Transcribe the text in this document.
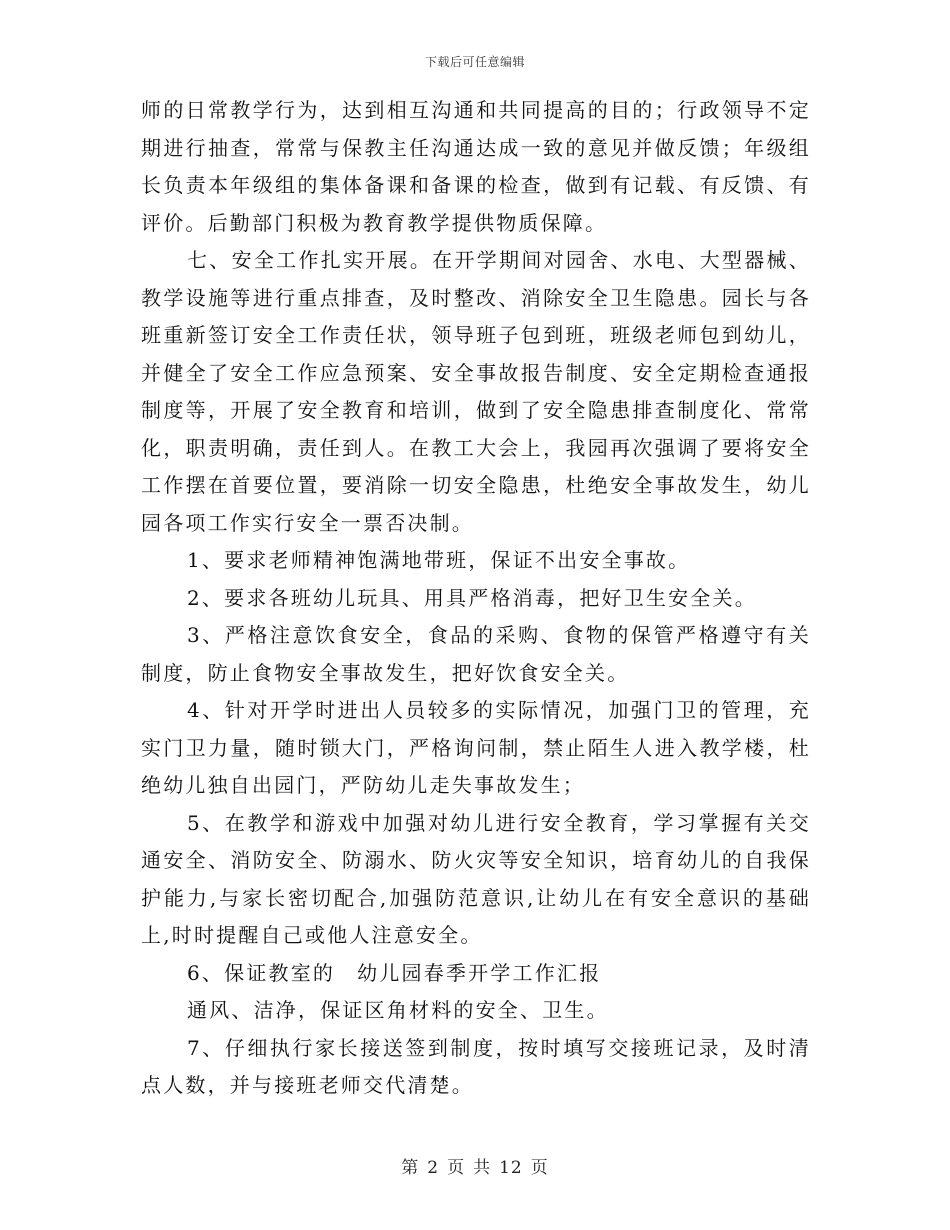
下载后可任意编辑

师的日常教学行为，达到相互沟通和共同提高的目的；行政领导不定期进行抽查，常常与保教主任沟通达成一致的意见并做反馈；年级组长负责本年级组的集体备课和备课的检查，做到有记载、有反馈、有评价。后勤部门积极为教育教学提供物质保障。

七、安全工作扎实开展。在开学期间对园舍、水电、大型器械、教学设施等进行重点排查，及时整改、消除安全卫生隐患。园长与各班重新签订安全工作责任状，领导班子包到班，班级老师包到幼儿，并健全了安全工作应急预案、安全事故报告制度、安全定期检查通报制度等，开展了安全教育和培训，做到了安全隐患排查制度化、常常化，职责明确，责任到人。在教工大会上，我园再次强调了要将安全工作摆在首要位置，要消除一切安全隐患，杜绝安全事故发生，幼儿园各项工作实行安全一票否决制。

1、要求老师精神饱满地带班，保证不出安全事故。

2、要求各班幼儿玩具、用具严格消毒，把好卫生安全关。

3、严格注意饮食安全，食品的采购、食物的保管严格遵守有关制度，防止食物安全事故发生，把好饮食安全关。

4、针对开学时进出人员较多的实际情况，加强门卫的管理，充实门卫力量，随时锁大门，严格询问制，禁止陌生人进入教学楼，杜绝幼儿独自出园门，严防幼儿走失事故发生；

5、在教学和游戏中加强对幼儿进行安全教育，学习掌握有关交通安全、消防安全、防溺水、防火灾等安全知识，培育幼儿的自我保护能力,与家长密切配合,加强防范意识,让幼儿在有安全意识的基础上,时时提醒自己或他人注意安全。

6、保证教室的 幼儿园春季开学工作汇报
通风、洁净，保证区角材料的安全、卫生。

7、仔细执行家长接送签到制度，按时填写交接班记录，及时清点人数，并与接班老师交代清楚。

第 2 页 共 12 页
